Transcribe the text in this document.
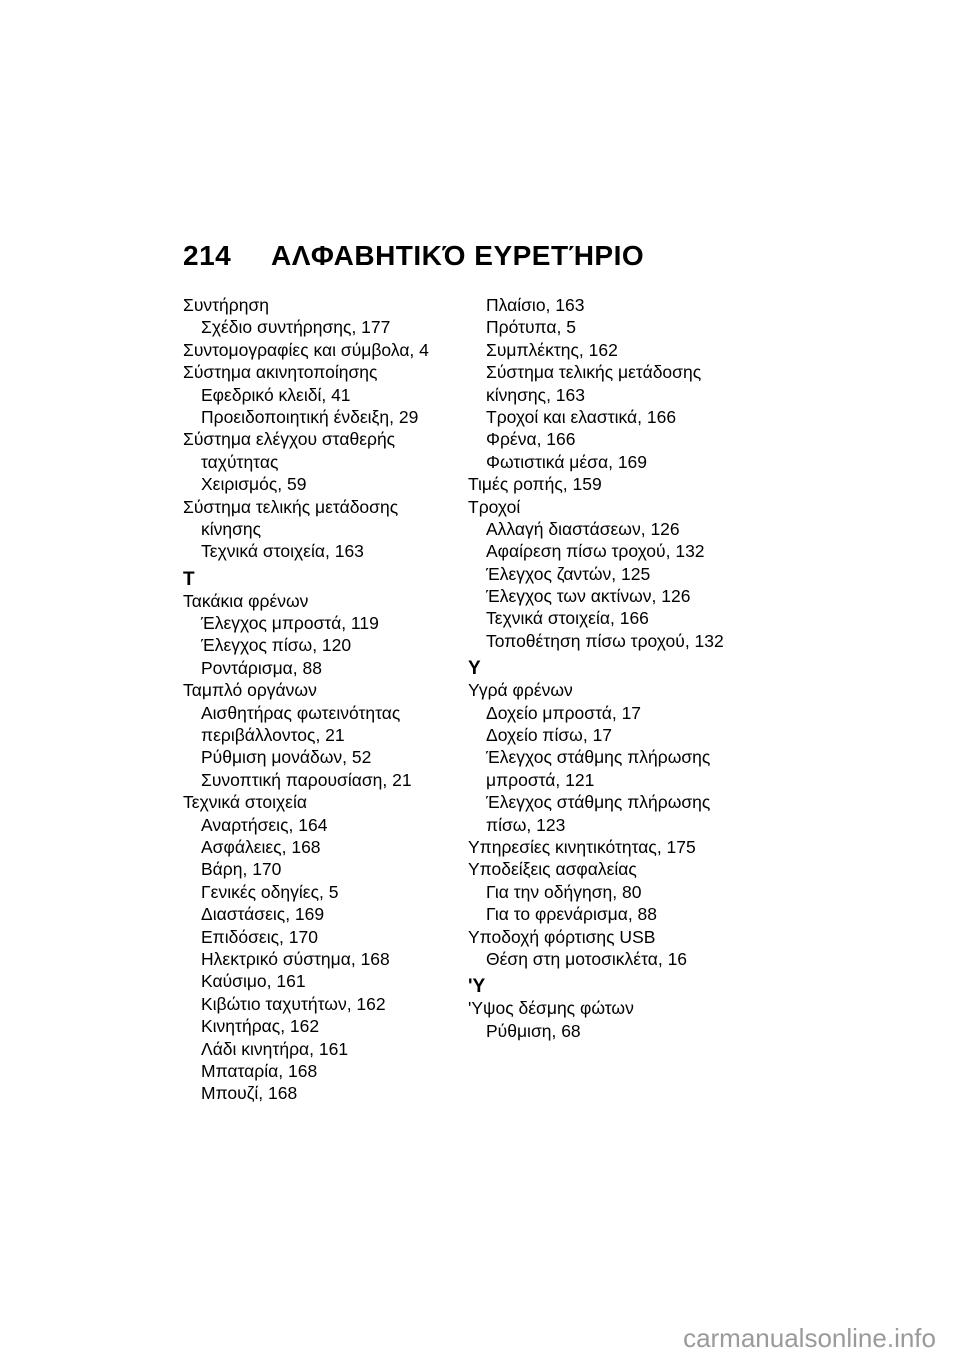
214 ΑΛΦΑΒΗΤΙΚΌ ΕΥΡΕΤΉΡΙΟ
Συντήρηση
Σχέδιο συντήρησης, 177
Συντομογραφίες και σύμβολα, 4
Σύστημα ακινητοποίησης
Εφεδρικό κλειδί, 41
Προειδοποιητική ένδειξη, 29
Σύστημα ελέγχου σταθερής
ταχύτητας
Χειρισμός, 59
Σύστημα τελικής μετάδοσης
κίνησης
Τεχνικά στοιχεία, 163
Τ
Τακάκια φρένων
Έλεγχος μπροστά, 119
Έλεγχος πίσω, 120
Ροντάρισμα, 88
Ταμπλό οργάνων
Αισθητήρας φωτεινότητας
περιβάλλοντος, 21
Ρύθμιση μονάδων, 52
Συνοπτική παρουσίαση, 21
Τεχνικά στοιχεία
Αναρτήσεις, 164
Ασφάλειες, 168
Βάρη, 170
Γενικές οδηγίες, 5
Διαστάσεις, 169
Επιδόσεις, 170
Ηλεκτρικό σύστημα, 168
Καύσιμο, 161
Κιβώτιο ταχυτήτων, 162
Κινητήρας, 162
Λάδι κινητήρα, 161
Μπαταρία, 168
Μπουζί, 168
Πλαίσιο, 163
Πρότυπα, 5
Συμπλέκτης, 162
Σύστημα τελικής μετάδοσης
κίνησης, 163
Τροχοί και ελαστικά, 166
Φρένα, 166
Φωτιστικά μέσα, 169
Τιμές ροπής, 159
Τροχοί
Αλλαγή διαστάσεων, 126
Αφαίρεση πίσω τροχού, 132
Έλεγχος ζαντών, 125
Έλεγχος των ακτίνων, 126
Τεχνικά στοιχεία, 166
Τοποθέτηση πίσω τροχού, 132
Υ
Υγρά φρένων
Δοχείο μπροστά, 17
Δοχείο πίσω, 17
Έλεγχος στάθμης πλήρωσης
μπροστά, 121
Έλεγχος στάθμης πλήρωσης
πίσω, 123
Υπηρεσίες κινητικότητας, 175
Υποδείξεις ασφαλείας
Για την οδήγηση, 80
Για το φρενάρισμα, 88
Υποδοχή φόρτισης USB
Θέση στη μοτοσικλέτα, 16
'Υ
'Υψος δέσμης φώτων
Ρύθμιση, 68
carmanualsonline.info
